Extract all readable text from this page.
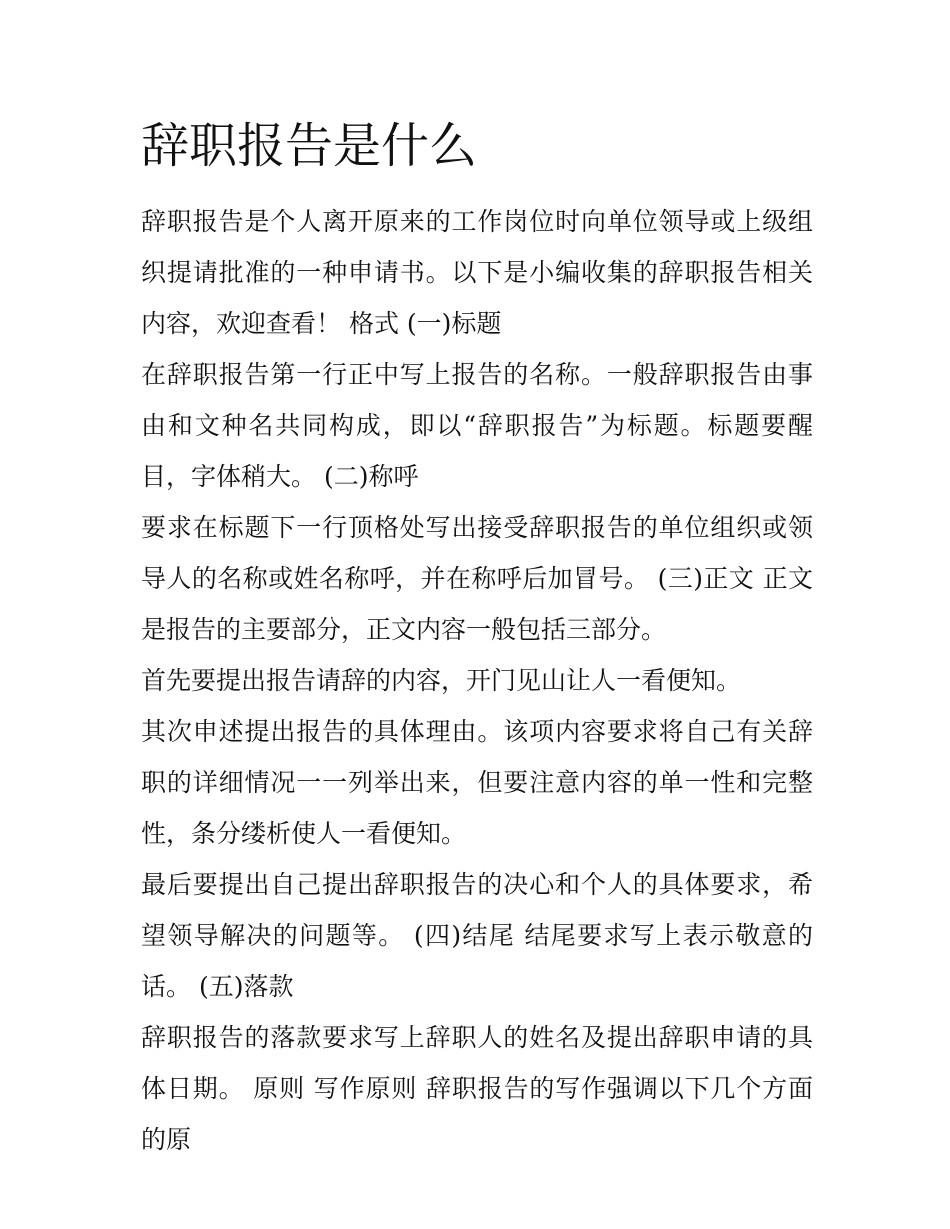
辞职报告是什么

辞职报告是个人离开原来的工作岗位时向单位领导或上级组织提请批准的一种申请书。以下是小编收集的辞职报告相关内容，欢迎查看！ 格式 (一)标题

在辞职报告第一行正中写上报告的名称。一般辞职报告由事由和文种名共同构成，即以“辞职报告”为标题。标题要醒目，字体稍大。 (二)称呼

要求在标题下一行顶格处写出接受辞职报告的单位组织或领导人的名称或姓名称呼，并在称呼后加冒号。 (三)正文 正文是报告的主要部分，正文内容一般包括三部分。

首先要提出报告请辞的内容，开门见山让人一看便知。

其次申述提出报告的具体理由。该项内容要求将自己有关辞职的详细情况一一列举出来，但要注意内容的单一性和完整性，条分缕析使人一看便知。

最后要提出自己提出辞职报告的决心和个人的具体要求，希望领导解决的问题等。 (四)结尾 结尾要求写上表示敬意的话。 (五)落款

辞职报告的落款要求写上辞职人的姓名及提出辞职申请的具体日期。 原则 写作原则 辞职报告的写作强调以下几个方面的原
